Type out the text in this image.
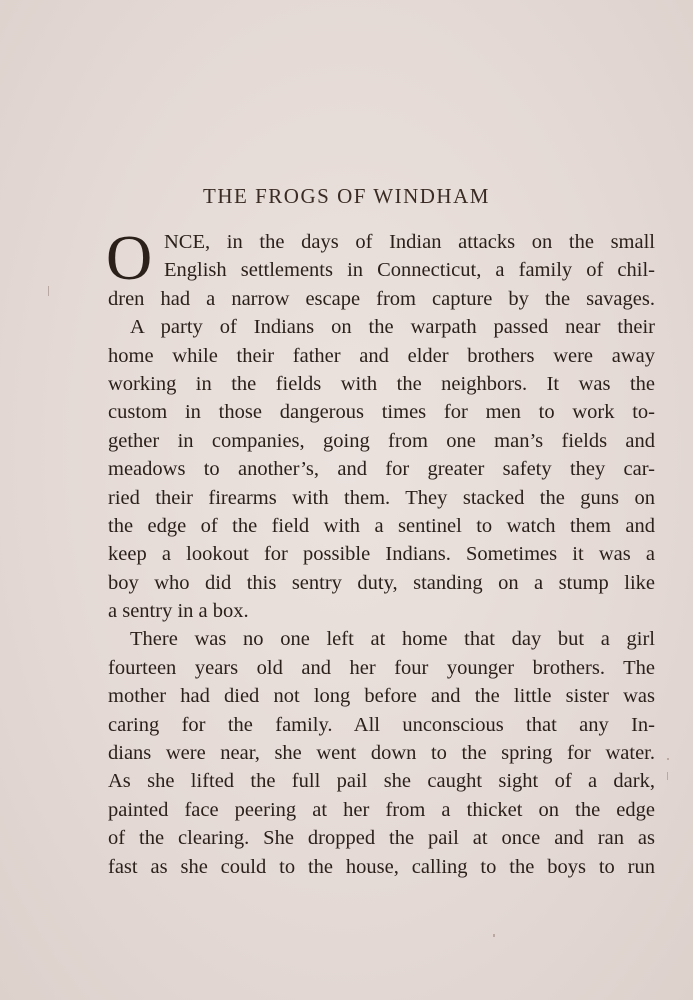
THE FROGS OF WINDHAM
O NCE, in the days of Indian attacks on the small
English settlements in Connecticut, a family of chil-
dren had a narrow escape from capture by the savages.
A party of Indians on the warpath passed near their
home while their father and elder brothers were away
working in the fields with the neighbors. It was the
custom in those dangerous times for men to work to-
gether in companies, going from one man’s fields and
meadows to another’s, and for greater safety they car-
ried their firearms with them. They stacked the guns on
the edge of the field with a sentinel to watch them and
keep a lookout for possible Indians. Sometimes it was a
boy who did this sentry duty, standing on a stump like
a sentry in a box.
There was no one left at home that day but a girl
fourteen years old and her four younger brothers. The
mother had died not long before and the little sister was
caring for the family. All unconscious that any In-
dians were near, she went down to the spring for water.
As she lifted the full pail she caught sight of a dark,
painted face peering at her from a thicket on the edge
of the clearing. She dropped the pail at once and ran as
fast as she could to the house, calling to the boys to run
